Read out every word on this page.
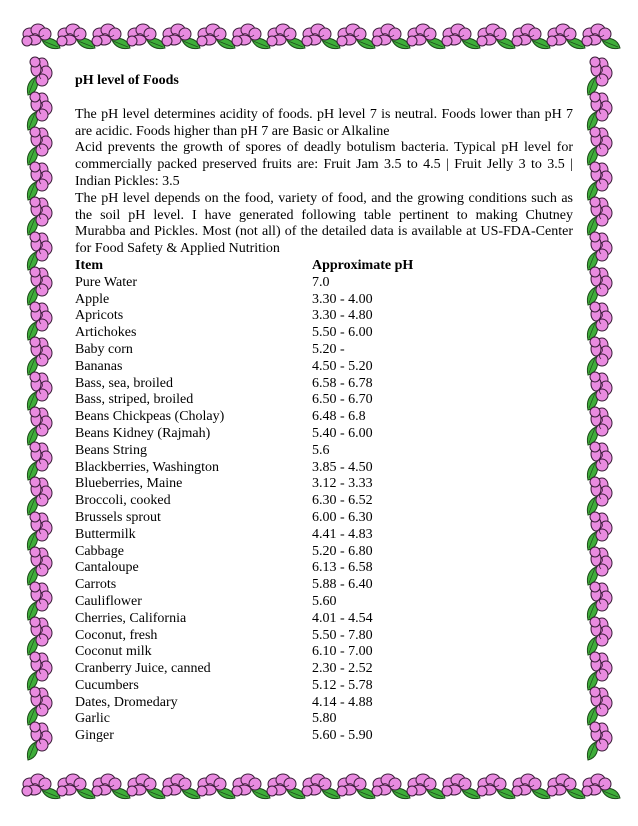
pH level of Foods

The pH level determines acidity of foods. pH level 7 is neutral. Foods lower than pH 7 are acidic. Foods higher than pH 7 are Basic or Alkaline

Acid prevents the growth of spores of deadly botulism bacteria. Typical pH level for commercially packed preserved fruits are: Fruit Jam 3.5 to 4.5 | Fruit Jelly 3 to 3.5 | Indian Pickles: 3.5

The pH level depends on the food, variety of food, and the growing conditions such as the soil pH level. I have generated following table pertinent to making Chutney Murabba and Pickles. Most (not all) of the detailed data is available at US-FDA-Center for Food Safety & Applied Nutrition

Item	Approximate pH
Pure Water	7.0
Apple	3.30 - 4.00
Apricots	3.30 - 4.80
Artichokes	5.50 - 6.00
Baby corn	5.20 -
Bananas	4.50 - 5.20
Bass, sea, broiled	6.58 - 6.78
Bass, striped, broiled	6.50 - 6.70
Beans Chickpeas (Cholay)	6.48 - 6.8
Beans Kidney (Rajmah)	5.40 - 6.00
Beans String	5.6
Blackberries, Washington	3.85 - 4.50
Blueberries, Maine	3.12 - 3.33
Broccoli, cooked	6.30 - 6.52
Brussels sprout	6.00 - 6.30
Buttermilk	4.41 - 4.83
Cabbage	5.20 - 6.80
Cantaloupe	6.13 - 6.58
Carrots	5.88 - 6.40
Cauliflower	5.60
Cherries, California	4.01 - 4.54
Coconut, fresh	5.50 - 7.80
Coconut milk	6.10 - 7.00
Cranberry Juice, canned	2.30 - 2.52
Cucumbers	5.12 - 5.78
Dates, Dromedary	4.14 - 4.88
Garlic	5.80
Ginger	5.60 - 5.90
